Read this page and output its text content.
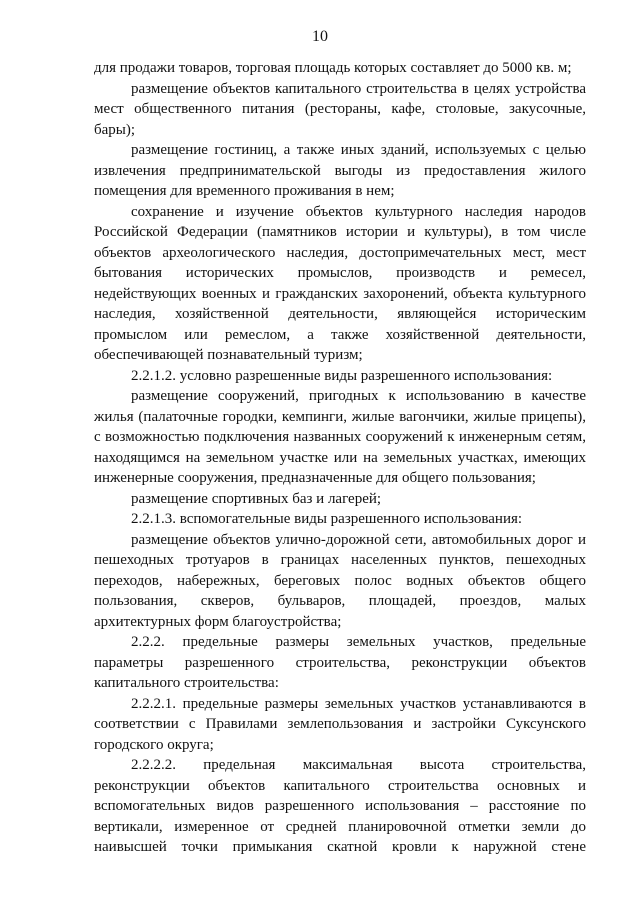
10

для продажи товаров, торговая площадь которых составляет до 5000 кв. м;

размещение объектов капитального строительства в целях устройства мест общественного питания (рестораны, кафе, столовые, закусочные, бары);

размещение гостиниц, а также иных зданий, используемых с целью извлечения предпринимательской выгоды из предоставления жилого помещения для временного проживания в нем;

сохранение и изучение объектов культурного наследия народов Российской Федерации (памятников истории и культуры), в том числе объектов археологического наследия, достопримечательных мест, мест бытования исторических промыслов, производств и ремесел, недействующих военных и гражданских захоронений, объекта культурного наследия, хозяйственной деятельности, являющейся историческим промыслом или ремеслом, а также хозяйственной деятельности, обеспечивающей познавательный туризм;

2.2.1.2. условно разрешенные виды разрешенного использования:

размещение сооружений, пригодных к использованию в качестве жилья (палаточные городки, кемпинги, жилые вагончики, жилые прицепы), с возможностью подключения названных сооружений к инженерным сетям, находящимся на земельном участке или на земельных участках, имеющих инженерные сооружения, предназначенные для общего пользования;

размещение спортивных баз и лагерей;

2.2.1.3. вспомогательные виды разрешенного использования:

размещение объектов улично-дорожной сети, автомобильных дорог и пешеходных тротуаров в границах населенных пунктов, пешеходных переходов, набережных, береговых полос водных объектов общего пользования, скверов, бульваров, площадей, проездов, малых архитектурных форм благоустройства;

2.2.2. предельные размеры земельных участков, предельные параметры разрешенного строительства, реконструкции объектов капитального строительства:

2.2.2.1. предельные размеры земельных участков устанавливаются в соответствии с Правилами землепользования и застройки Суксунского городского округа;

2.2.2.2. предельная максимальная высота строительства, реконструкции объектов капитального строительства основных и вспомогательных видов разрешенного использования – расстояние по вертикали, измеренное от средней планировочной отметки земли до наивысшей точки примыкания скатной кровли к наружной стене
